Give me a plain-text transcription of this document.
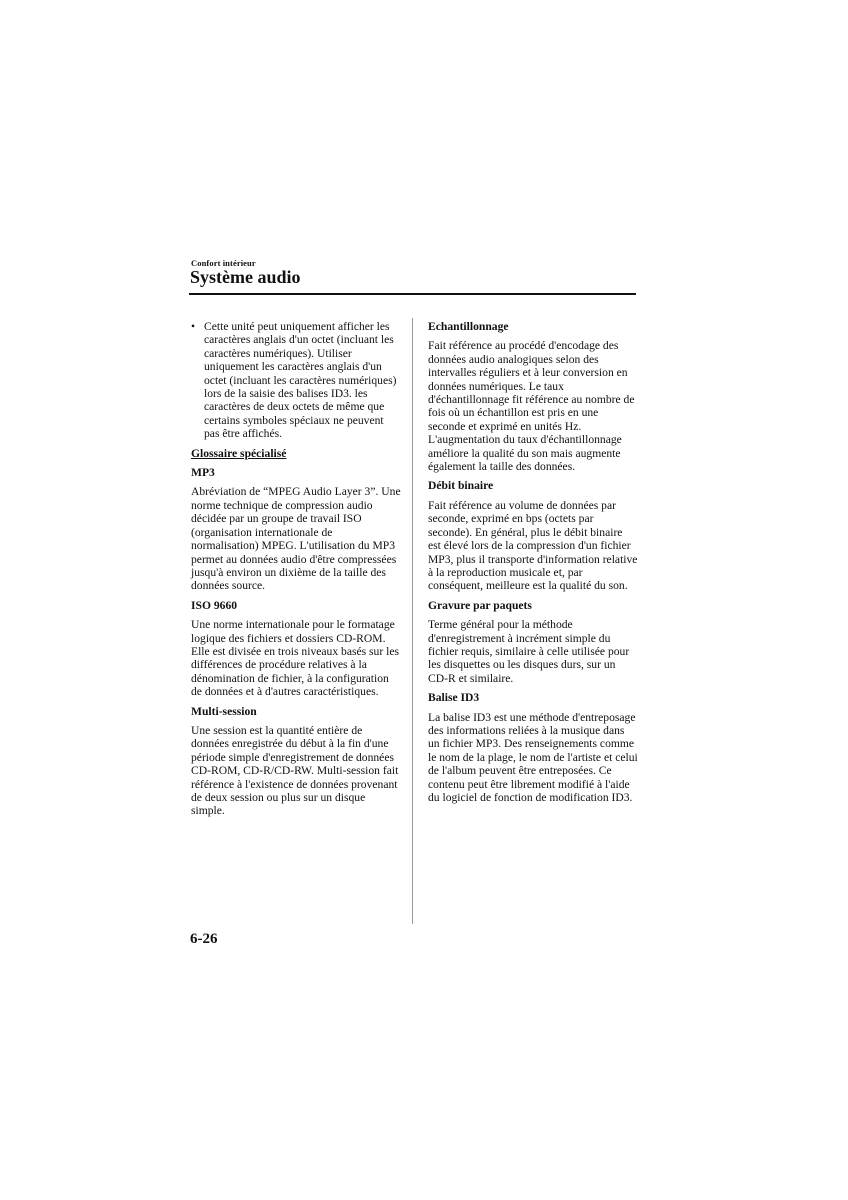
Confort intérieur
Système audio
• Cette unité peut uniquement afficher les caractères anglais d'un octet (incluant les caractères numériques). Utiliser uniquement les caractères anglais d'un octet (incluant les caractères numériques) lors de la saisie des balises ID3. les caractères de deux octets de même que certains symboles spéciaux ne peuvent pas être affichés.
Glossaire spécialisé
MP3
Abréviation de “MPEG Audio Layer 3”. Une norme technique de compression audio décidée par un groupe de travail ISO (organisation internationale de normalisation) MPEG. L'utilisation du MP3 permet au données audio d'être compressées jusqu'à environ un dixième de la taille des données source.
ISO 9660
Une norme internationale pour le formatage logique des fichiers et dossiers CD-ROM. Elle est divisée en trois niveaux basés sur les différences de procédure relatives à la dénomination de fichier, à la configuration de données et à d'autres caractéristiques.
Multi-session
Une session est la quantité entière de données enregistrée du début à la fin d'une période simple d'enregistrement de données CD-ROM, CD-R/CD-RW. Multi-session fait référence à l'existence de données provenant de deux session ou plus sur un disque simple.
Echantillonnage
Fait référence au procédé d'encodage des données audio analogiques selon des intervalles réguliers et à leur conversion en données numériques. Le taux d'échantillonnage fit référence au nombre de fois où un échantillon est pris en une seconde et exprimé en unités Hz. L'augmentation du taux d'échantillonnage améliore la qualité du son mais augmente également la taille des données.
Débit binaire
Fait référence au volume de données par seconde, exprimé en bps (octets par seconde). En général, plus le débit binaire est élevé lors de la compression d'un fichier MP3, plus il transporte d'information relative à la reproduction musicale et, par conséquent, meilleure est la qualité du son.
Gravure par paquets
Terme général pour la méthode d'enregistrement à incrément simple du fichier requis, similaire à celle utilisée pour les disquettes ou les disques durs, sur un CD-R et similaire.
Balise ID3
La balise ID3 est une méthode d'entreposage des informations reliées à la musique dans un fichier MP3. Des renseignements comme le nom de la plage, le nom de l'artiste et celui de l'album peuvent être entreposées. Ce contenu peut être librement modifié à l'aide du logiciel de fonction de modification ID3.
6-26
